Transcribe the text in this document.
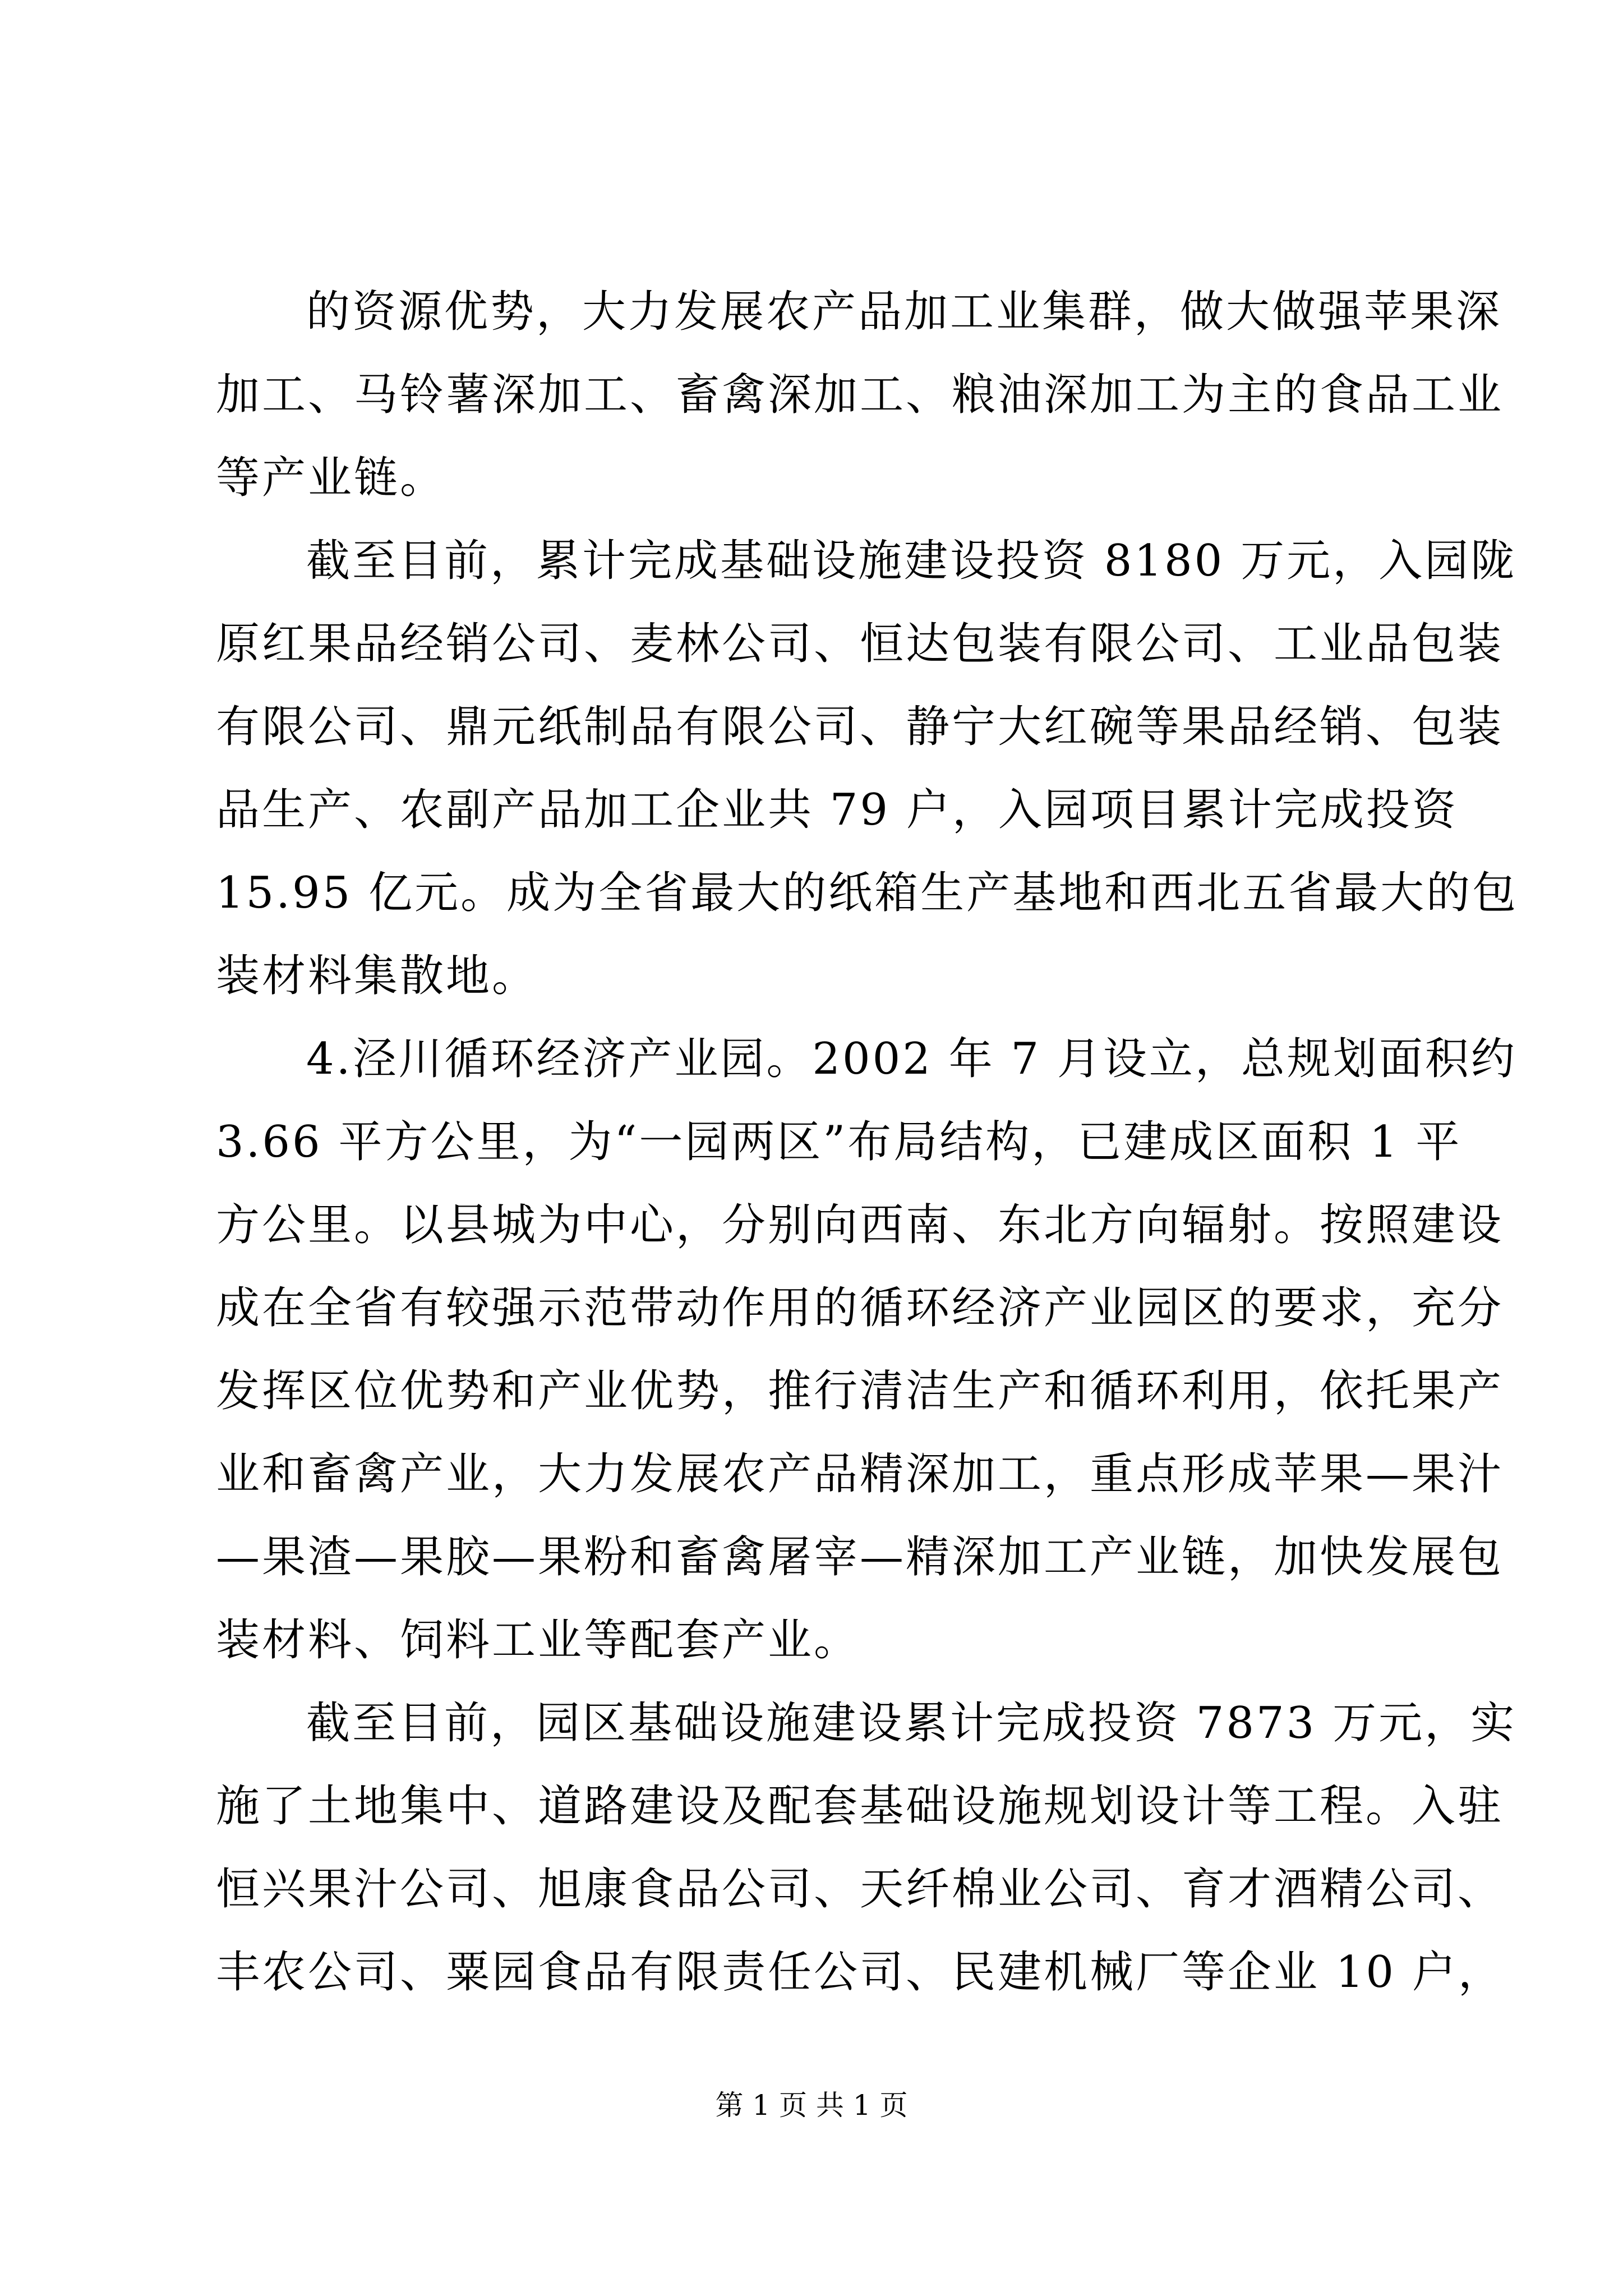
的资源优势，大力发展农产品加工业集群，做大做强苹果深
加工、马铃薯深加工、畜禽深加工、粮油深加工为主的食品工业
等产业链。
截至目前，累计完成基础设施建设投资 8180 万元，入园陇
原红果品经销公司、麦林公司、恒达包装有限公司、工业品包装
有限公司、鼎元纸制品有限公司、静宁大红碗等果品经销、包装
品生产、农副产品加工企业共 79 户，入园项目累计完成投资
15.95 亿元。成为全省最大的纸箱生产基地和西北五省最大的包
装材料集散地。
4.泾川循环经济产业园。2002 年 7 月设立，总规划面积约
3.66 平方公里，为“一园两区”布局结构，已建成区面积 1 平
方公里。以县城为中心，分别向西南、东北方向辐射。按照建设
成在全省有较强示范带动作用的循环经济产业园区的要求，充分
发挥区位优势和产业优势，推行清洁生产和循环利用，依托果产
业和畜禽产业，大力发展农产品精深加工，重点形成苹果—果汁
—果渣—果胶—果粉和畜禽屠宰—精深加工产业链，加快发展包
装材料、饲料工业等配套产业。
截至目前，园区基础设施建设累计完成投资 7873 万元，实
施了土地集中、道路建设及配套基础设施规划设计等工程。入驻
恒兴果汁公司、旭康食品公司、天纤棉业公司、育才酒精公司、
丰农公司、粟园食品有限责任公司、民建机械厂等企业 10 户，
第 1 页 共 1 页
